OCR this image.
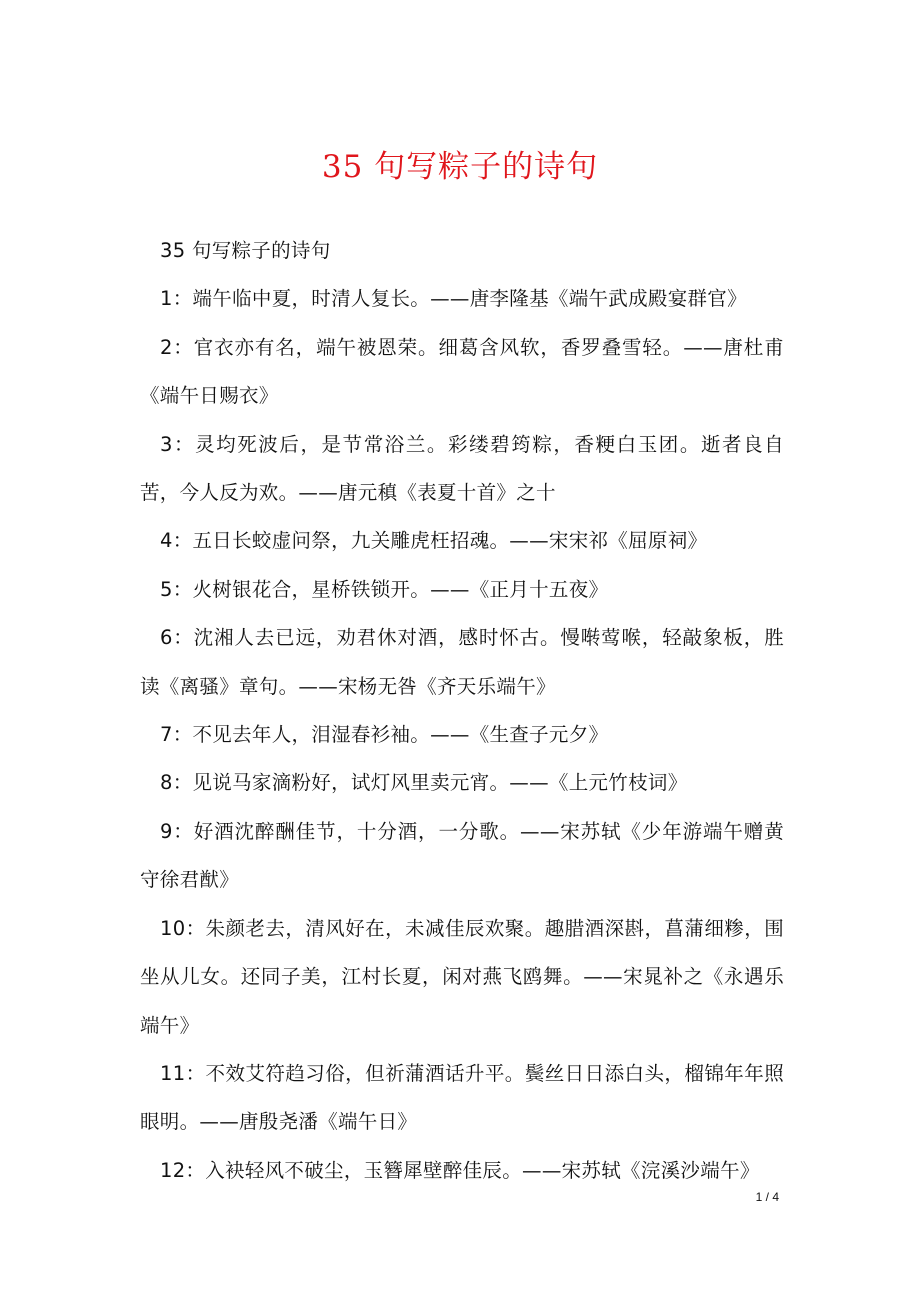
35 句写粽子的诗句

35 句写粽子的诗句

1：端午临中夏，时清人复长。——唐李隆基《端午武成殿宴群官》

2：官衣亦有名，端午被恩荣。细葛含风软，香罗叠雪轻。——唐杜甫《端午日赐衣》

3：灵均死波后，是节常浴兰。彩缕碧筠粽，香粳白玉团。逝者良自苦，今人反为欢。——唐元稹《表夏十首》之十

4：五日长蛟虚问祭，九关雕虎枉招魂。——宋宋祁《屈原祠》

5：火树银花合，星桥铁锁开。——《正月十五夜》

6：沈湘人去已远，劝君休对酒，感时怀古。慢啭莺喉，轻敲象板，胜读《离骚》章句。——宋杨无咎《齐天乐端午》

7：不见去年人，泪湿春衫袖。——《生查子元夕》

8：见说马家滴粉好，试灯风里卖元宵。——《上元竹枝词》

9：好酒沈醉酬佳节，十分酒，一分歌。——宋苏轼《少年游端午赠黄守徐君猷》

10：朱颜老去，清风好在，未减佳辰欢聚。趣腊酒深斟，菖蒲细糁，围坐从儿女。还同子美，江村长夏，闲对燕飞鸥舞。——宋晁补之《永遇乐端午》

11：不效艾符趋习俗，但祈蒲酒话升平。鬓丝日日添白头，榴锦年年照眼明。——唐殷尧潘《端午日》

12：入袂轻风不破尘，玉簪犀壁醉佳辰。——宋苏轼《浣溪沙端午》

1 / 4
